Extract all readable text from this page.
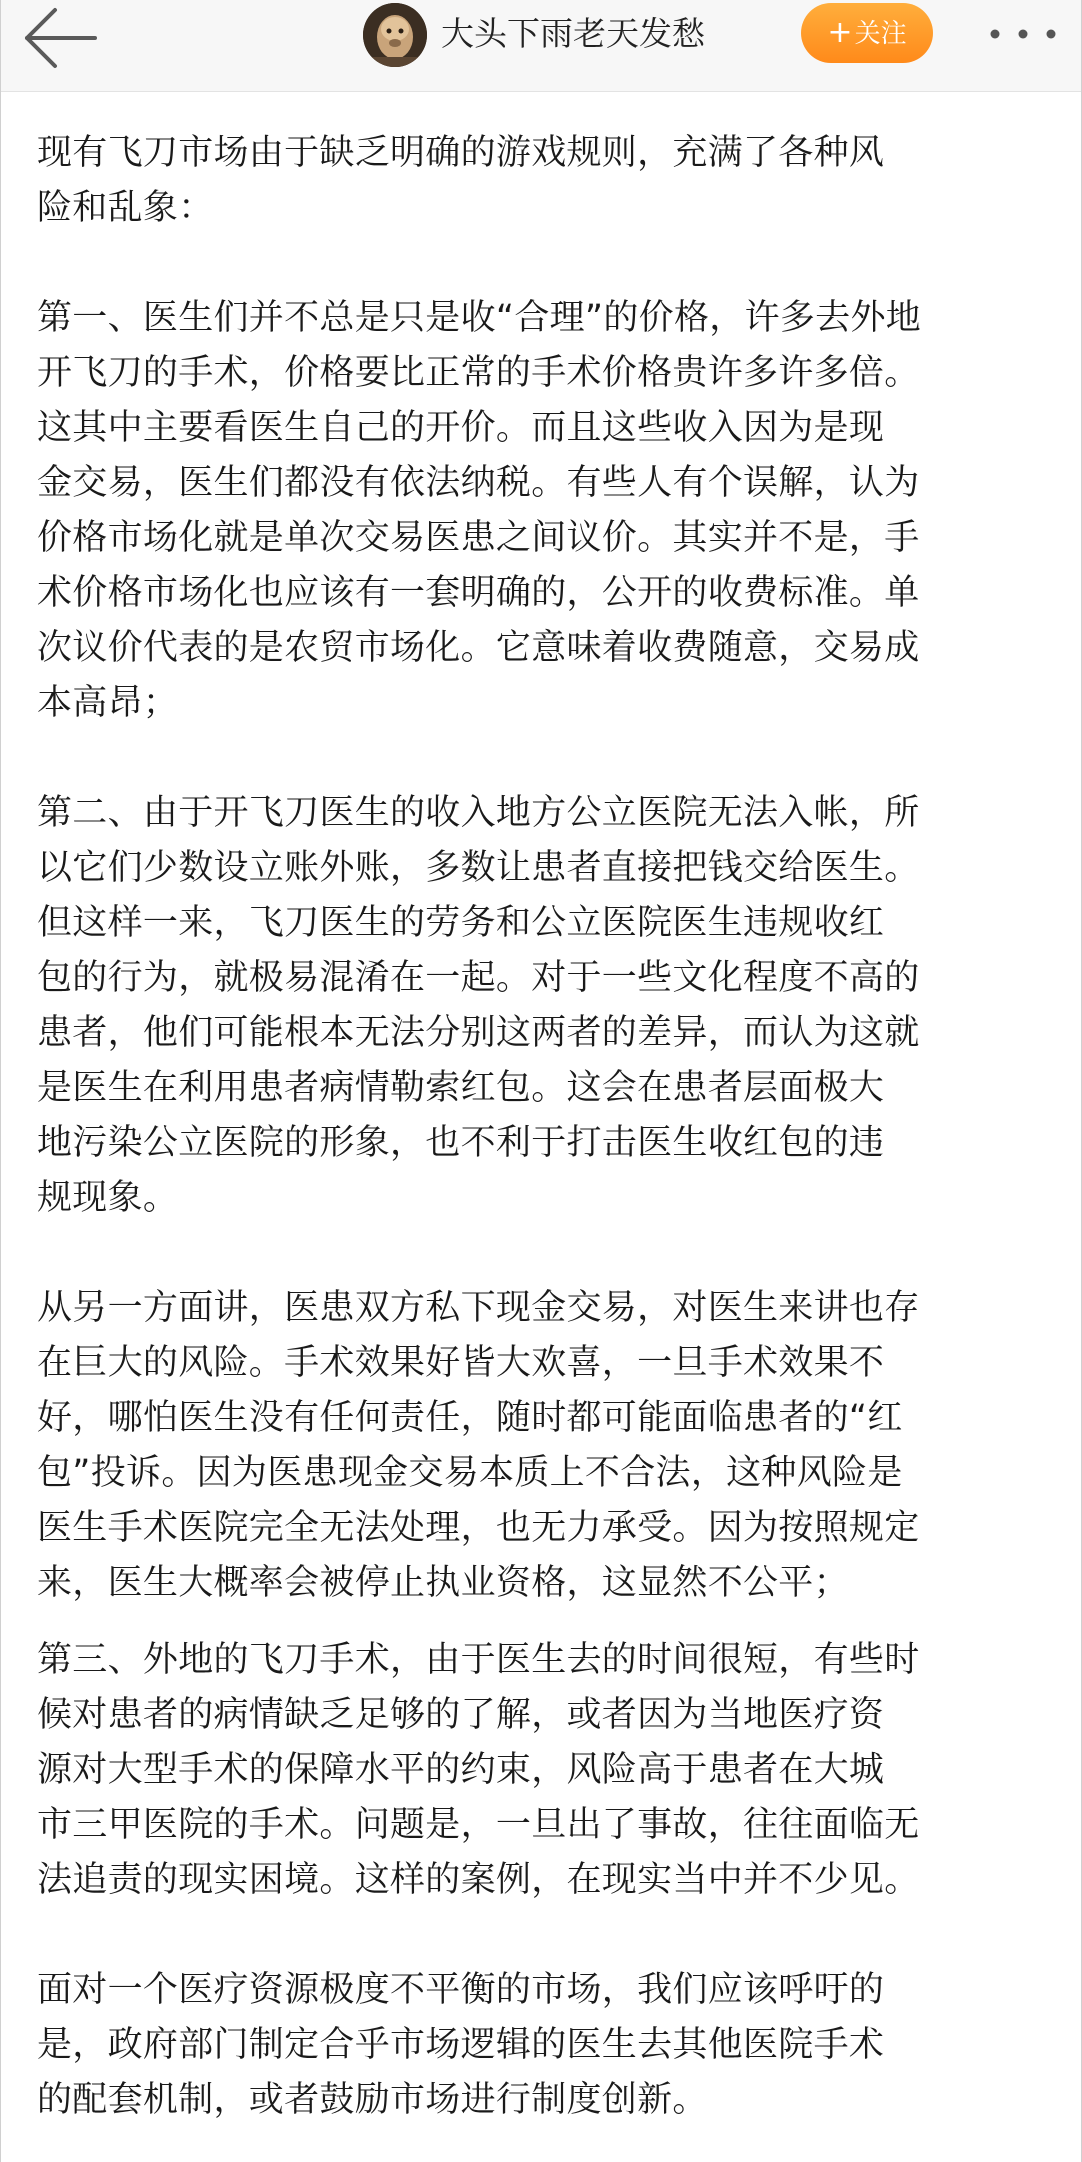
大头下雨老天发愁	+关注

现有飞刀市场由于缺乏明确的游戏规则，充满了各种风
险和乱象：

第一、医生们并不总是只是收“合理”的价格，许多去外地
开飞刀的手术，价格要比正常的手术价格贵许多许多倍。
这其中主要看医生自己的开价。而且这些收入因为是现
金交易，医生们都没有依法纳税。有些人有个误解，认为
价格市场化就是单次交易医患之间议价。其实并不是，手
术价格市场化也应该有一套明确的，公开的收费标准。单
次议价代表的是农贸市场化。它意味着收费随意，交易成
本高昂；

第二、由于开飞刀医生的收入地方公立医院无法入帐，所
以它们少数设立账外账，多数让患者直接把钱交给医生。
但这样一来，飞刀医生的劳务和公立医院医生违规收红
包的行为，就极易混淆在一起。对于一些文化程度不高的
患者，他们可能根本无法分别这两者的差异，而认为这就
是医生在利用患者病情勒索红包。这会在患者层面极大
地污染公立医院的形象，也不利于打击医生收红包的违
规现象。

从另一方面讲，医患双方私下现金交易，对医生来讲也存
在巨大的风险。手术效果好皆大欢喜，一旦手术效果不
好，哪怕医生没有任何责任，随时都可能面临患者的“红
包”投诉。因为医患现金交易本质上不合法，这种风险是
医生手术医院完全无法处理，也无力承受。因为按照规定
来，医生大概率会被停止执业资格，这显然不公平；

第三、外地的飞刀手术，由于医生去的时间很短，有些时
候对患者的病情缺乏足够的了解，或者因为当地医疗资
源对大型手术的保障水平的约束，风险高于患者在大城
市三甲医院的手术。问题是，一旦出了事故，往往面临无
法追责的现实困境。这样的案例，在现实当中并不少见。

面对一个医疗资源极度不平衡的市场，我们应该呼吁的
是，政府部门制定合乎市场逻辑的医生去其他医院手术
的配套机制，或者鼓励市场进行制度创新。
